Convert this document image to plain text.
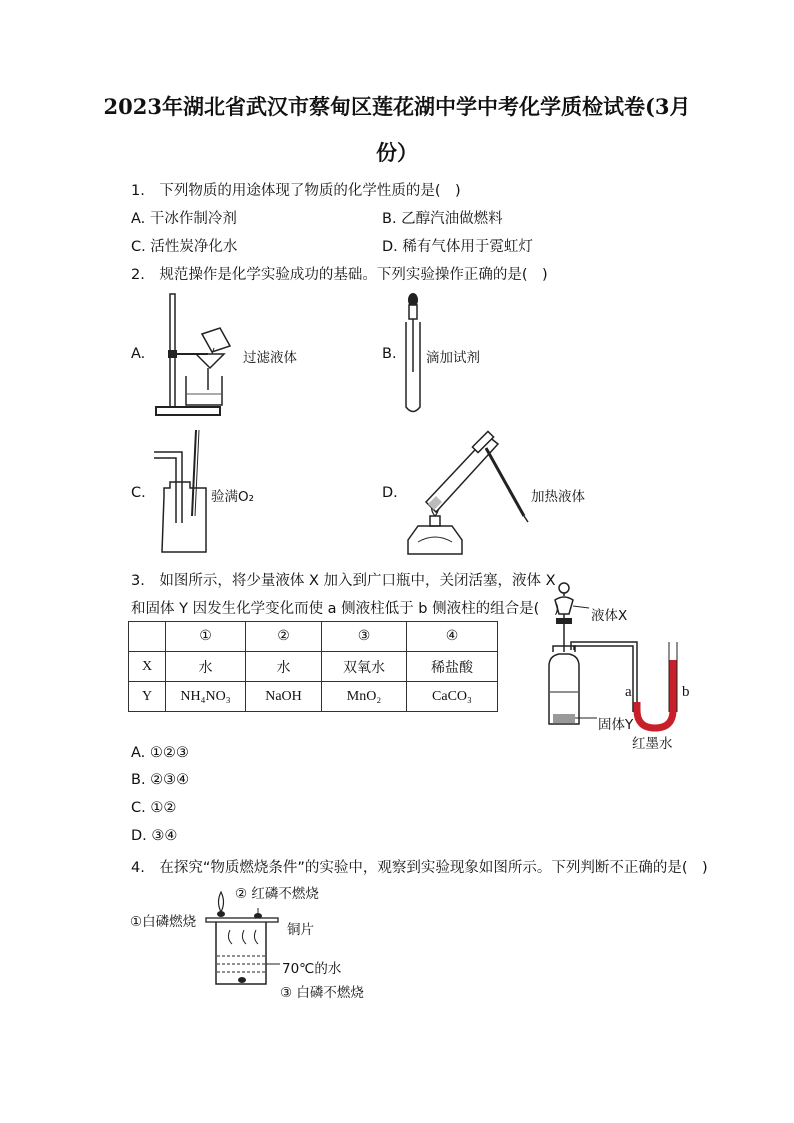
2023年湖北省武汉市蔡甸区莲花湖中学中考化学质检试卷(3月
份）
1.　下列物质的用途体现了物质的化学性质的是(　)
A. 干冰作制冷剂	B. 乙醇汽油做燃料
C. 活性炭净化水	D. 稀有气体用于霓虹灯
2.　规范操作是化学实验成功的基础。下列实验操作正确的是(　)
A.	过滤液体	B. 滴加试剂
C.	验满O₂	D.	加热液体
3.　如图所示，将少量液体 X 加入到广口瓶中，关闭活塞，液体 X
和固体 Y 因发生化学变化而使 a 侧液柱低于 b 侧液柱的组合是(　)
	①	②	③	④
X	水	水	双氧水	稀盐酸
Y	NH₄NO₃	NaOH	MnO₂	CaCO₃
液体X
a	b
固体Y
红墨水
A. ①②③
B. ②③④
C. ①②
D. ③④
4.　在探究“物质燃烧条件”的实验中，观察到实验现象如图所示。下列判断不正确的是(　)
② 红磷不燃烧
①白磷燃烧	铜片
70℃的水
③ 白磷不燃烧
